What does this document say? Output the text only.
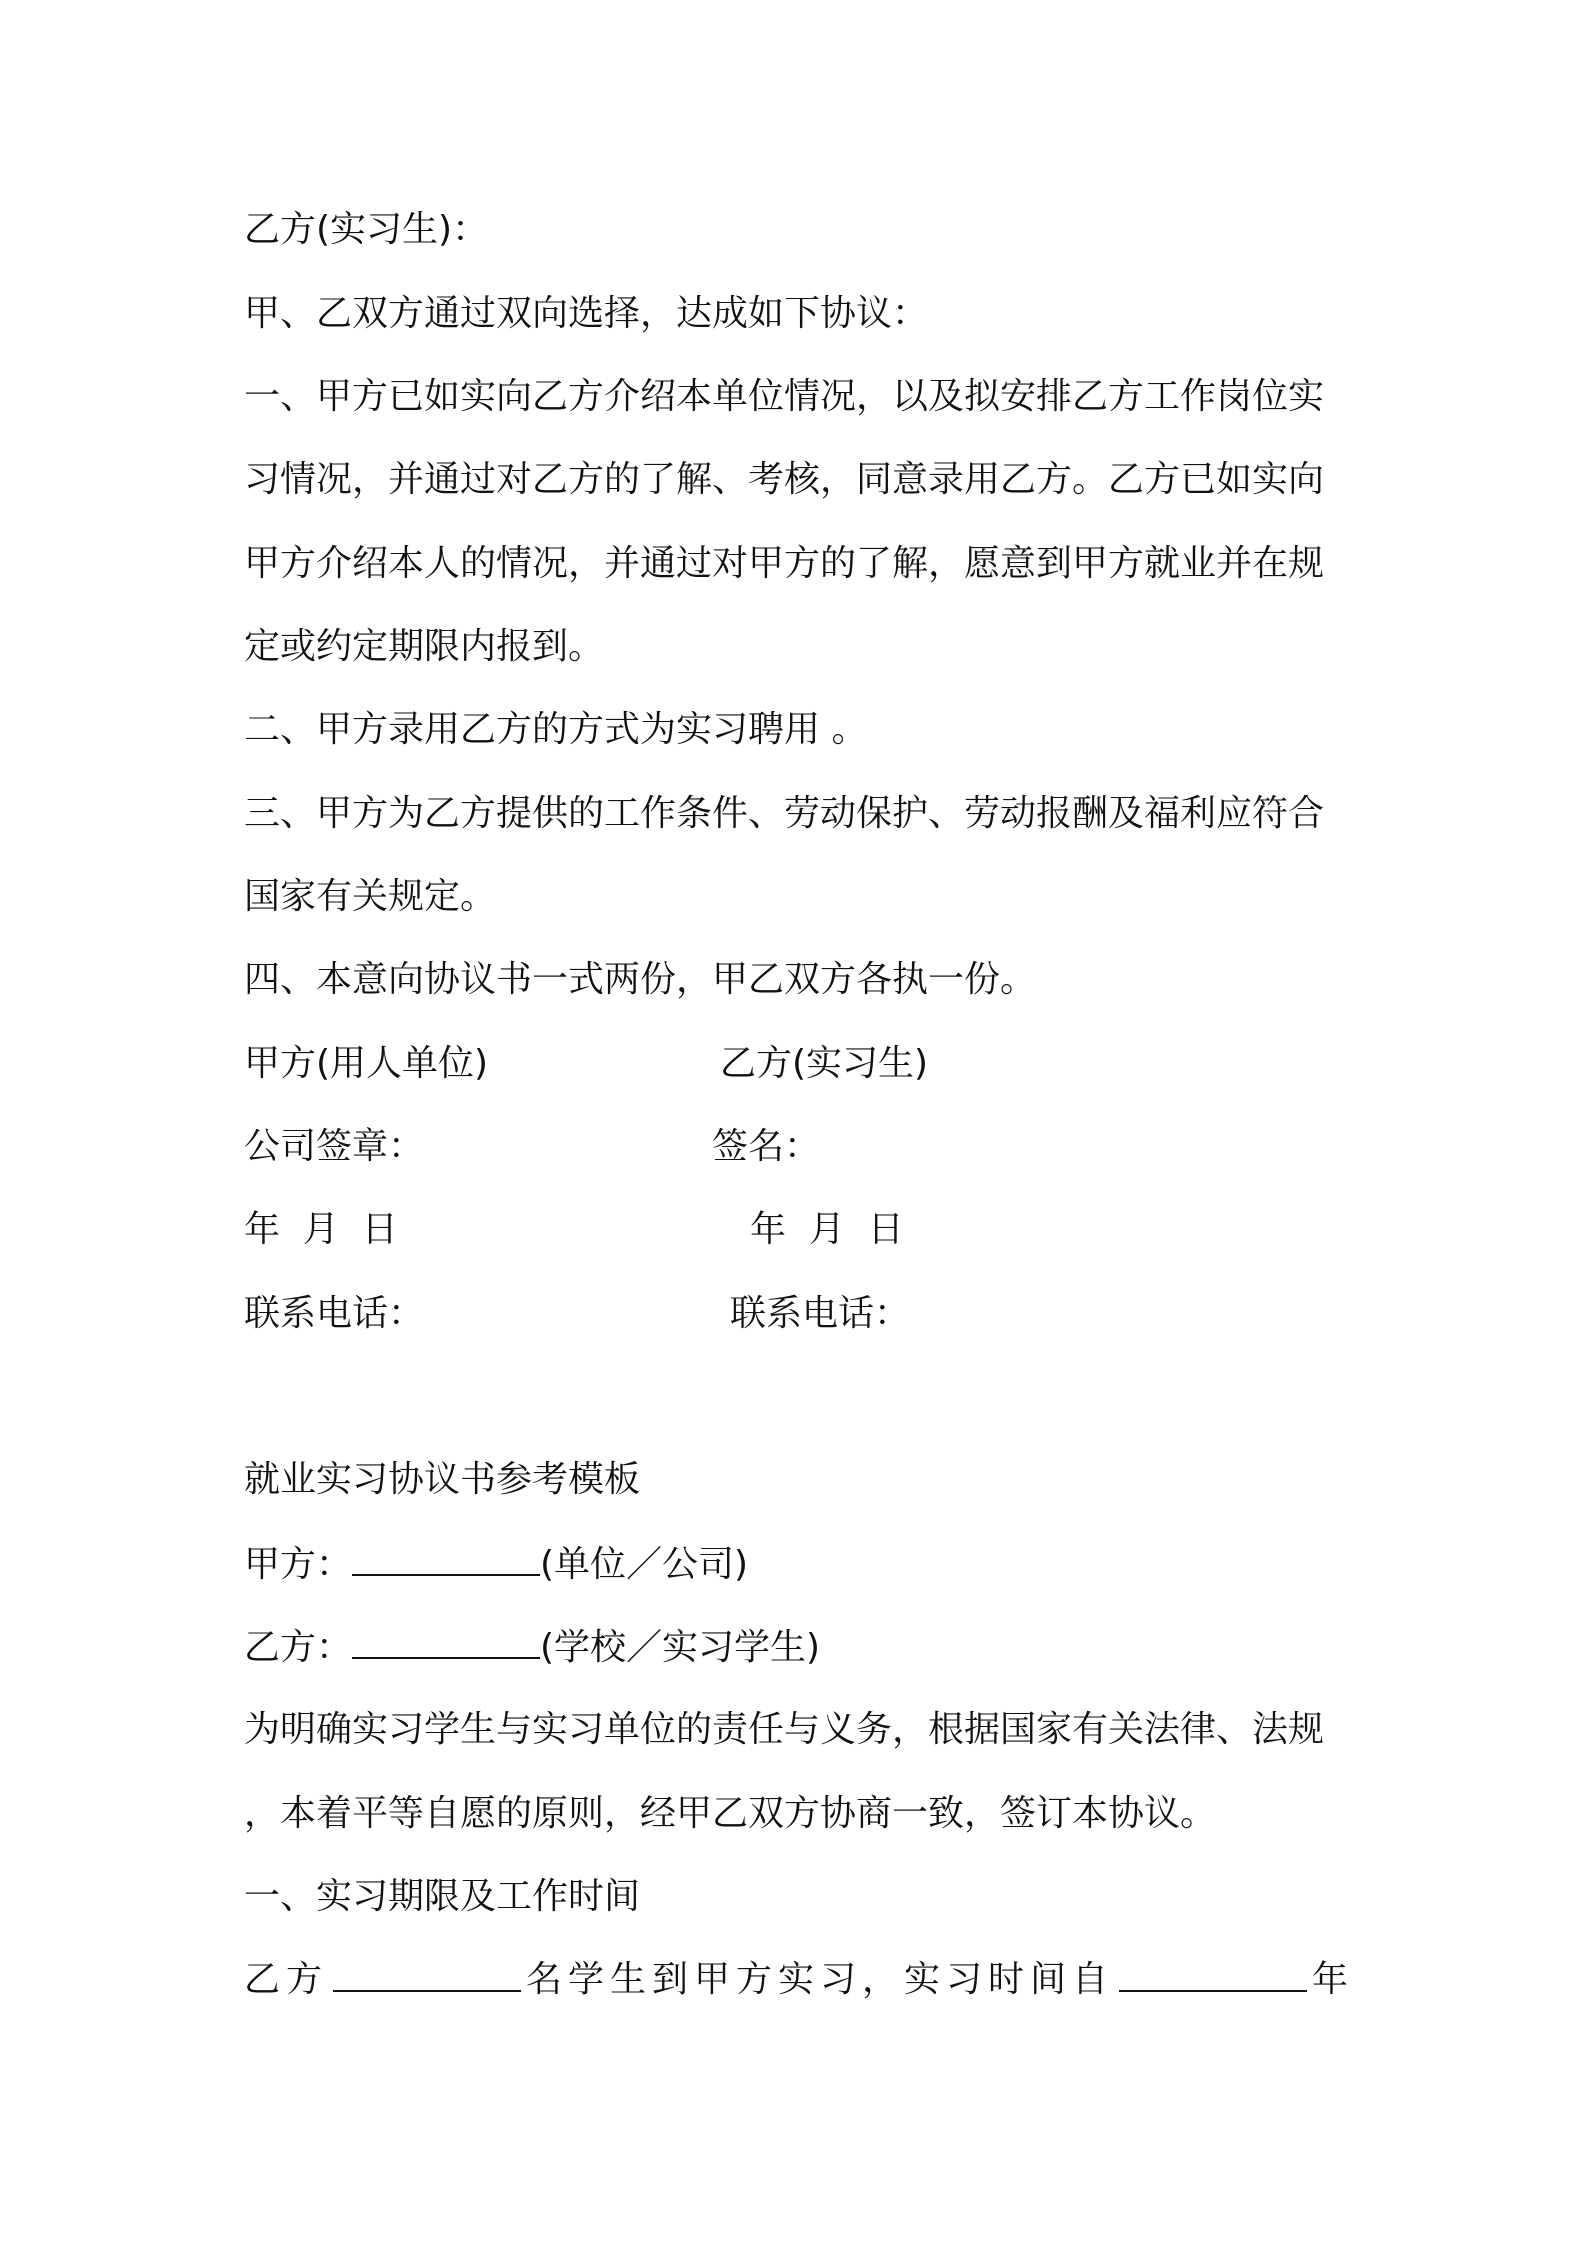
乙方(实习生)：
甲、乙双方通过双向选择，达成如下协议：
一、甲方已如实向乙方介绍本单位情况，以及拟安排乙方工作岗位实
习情况，并通过对乙方的了解、考核，同意录用乙方。乙方已如实向
甲方介绍本人的情况，并通过对甲方的了解，愿意到甲方就业并在规
定或约定期限内报到。
二、甲方录用乙方的方式为实习聘用 。
三、甲方为乙方提供的工作条件、劳动保护、劳动报酬及福利应符合
国家有关规定。
四、本意向协议书一式两份，甲乙双方各执一份。
甲方(用人单位)	乙方(实习生)
公司签章：	签名：
年  月  日	年  月  日
联系电话：	联系电话：
就业实习协议书参考模板
甲方：	(单位／公司)
乙方：	(学校／实习学生)
为明确实习学生与实习单位的责任与义务，根据国家有关法律、法规
，本着平等自愿的原则，经甲乙双方协商一致，签订本协议。
一、实习期限及工作时间
乙方	名学生到甲方实习，实习时间自	年
